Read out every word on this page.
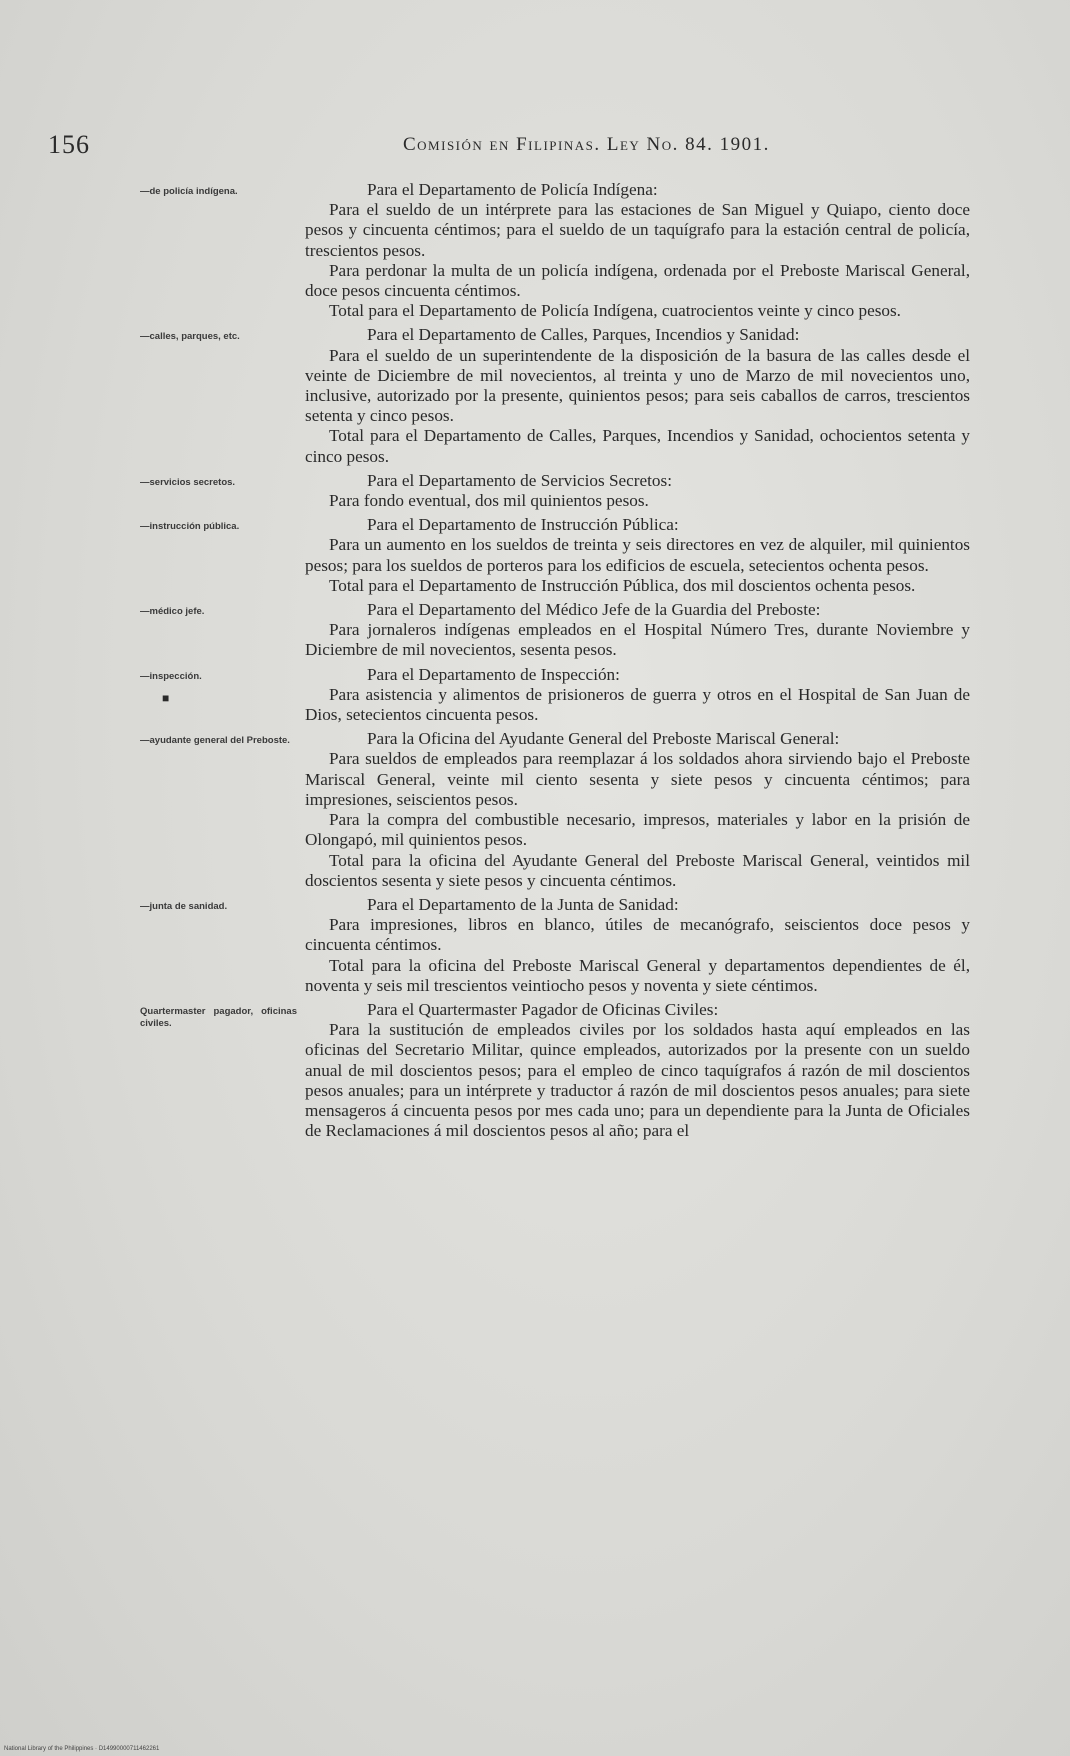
156	Comisión en Filipinas. Ley No. 84. 1901.
—de policía indígena.	Para el Departamento de Policía Indígena:

Para el sueldo de un intérprete para las estaciones de San Miguel y Quiapo, ciento doce pesos y cincuenta céntimos; para el sueldo de un taquígrafo para la estación central de policía, trescientos pesos.

Para perdonar la multa de un policía indígena, ordenada por el Preboste Mariscal General, doce pesos cincuenta céntimos.

Total para el Departamento de Policía Indígena, cuatrocientos veinte y cinco pesos.

—calles, parques, etc.	Para el Departamento de Calles, Parques, Incendios y Sanidad:

Para el sueldo de un superintendente de la disposición de la basura de las calles desde el veinte de Diciembre de mil novecientos, al treinta y uno de Marzo de mil novecientos uno, inclusive, autorizado por la presente, quinientos pesos; para seis caballos de carros, trescientos setenta y cinco pesos.

Total para el Departamento de Calles, Parques, Incendios y Sanidad, ochocientos setenta y cinco pesos.

—servicios secretos.	Para el Departamento de Servicios Secretos:

Para fondo eventual, dos mil quinientos pesos.

—instrucción pública.	Para el Departamento de Instrucción Pública:

Para un aumento en los sueldos de treinta y seis directores en vez de alquiler, mil quinientos pesos; para los sueldos de porteros para los edificios de escuela, setecientos ochenta pesos.

Total para el Departamento de Instrucción Pública, dos mil doscientos ochenta pesos.

—médico jefe.	Para el Departamento del Médico Jefe de la Guardia del Preboste:

Para jornaleros indígenas empleados en el Hospital Número Tres, durante Noviembre y Diciembre de mil novecientos, sesenta pesos.

—inspección.
■

Para el Departamento de Inspección:

Para asistencia y alimentos de prisioneros de guerra y otros en el Hospital de San Juan de Dios, setecientos cincuenta pesos.

—ayudante general del Preboste.	Para la Oficina del Ayudante General del Preboste Mariscal General:

Para sueldos de empleados para reemplazar á los soldados ahora sirviendo bajo el Preboste Mariscal General, veinte mil ciento sesenta y siete pesos y cincuenta céntimos; para impresiones, seiscientos pesos.

Para la compra del combustible necesario, impresos, materiales y labor en la prisión de Olongapó, mil quinientos pesos.

Total para la oficina del Ayudante General del Preboste Mariscal General, veintidos mil doscientos sesenta y siete pesos y cincuenta céntimos.

—junta de sanidad.	Para el Departamento de la Junta de Sanidad:

Para impresiones, libros en blanco, útiles de mecanógrafo, seiscientos doce pesos y cincuenta céntimos.

Total para la oficina del Preboste Mariscal General y departamentos dependientes de él, noventa y seis mil trescientos veintiocho pesos y noventa y siete céntimos.

Quartermaster pagador, oficinas civiles.

Para el Quartermaster Pagador de Oficinas Civiles:

Para la sustitución de empleados civiles por los soldados hasta aquí empleados en las oficinas del Secretario Militar, quince empleados, autorizados por la presente con un sueldo anual de mil doscientos pesos; para el empleo de cinco taquígrafos á razón de mil doscientos pesos anuales; para un intérprete y traductor á razón de mil doscientos pesos anuales; para siete mensageros á cincuenta pesos por mes cada uno; para un dependiente para la Junta de Oficiales de Reclamaciones á mil doscientos pesos al año; para el

National Library of the Philippines · D14990000711462261
